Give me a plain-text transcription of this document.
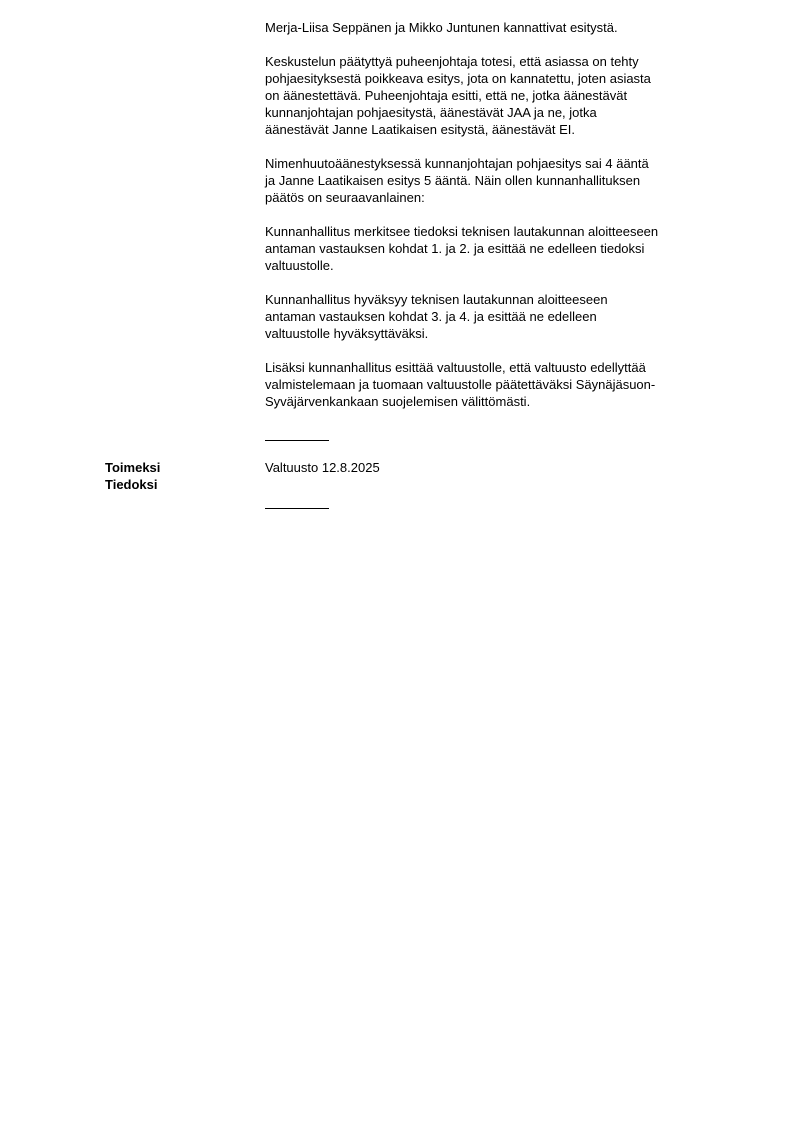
Merja-Liisa Seppänen ja Mikko Juntunen kannattivat esitystä.

Keskustelun päätyttyä puheenjohtaja totesi, että asiassa on tehty
pohjaesityksestä poikkeava esitys, jota on kannatettu, joten asiasta
on äänestettävä. Puheenjohtaja esitti, että ne, jotka äänestävät
kunnanjohtajan pohjaesitystä, äänestävät JAA ja ne, jotka
äänestävät Janne Laatikaisen esitystä, äänestävät EI.

Nimenhuutoäänestyksessä kunnanjohtajan pohjaesitys sai 4 ääntä
ja Janne Laatikaisen esitys 5 ääntä. Näin ollen kunnanhallituksen
päätös on seuraavanlainen:

Kunnanhallitus merkitsee tiedoksi teknisen lautakunnan aloitteeseen
antaman vastauksen kohdat 1. ja 2. ja esittää ne edelleen tiedoksi
valtuustolle.

Kunnanhallitus hyväksyy teknisen lautakunnan aloitteeseen
antaman vastauksen kohdat 3. ja 4. ja esittää ne edelleen
valtuustolle hyväksyttäväksi.

Lisäksi kunnanhallitus esittää valtuustolle, että valtuusto edellyttää
valmistelemaan ja tuomaan valtuustolle päätettäväksi Säynäjäsuon-
Syväjärvenkankaan suojelemisen välittömästi.

Toimeksi
Tiedoksi
Valtuusto 12.8.2025
